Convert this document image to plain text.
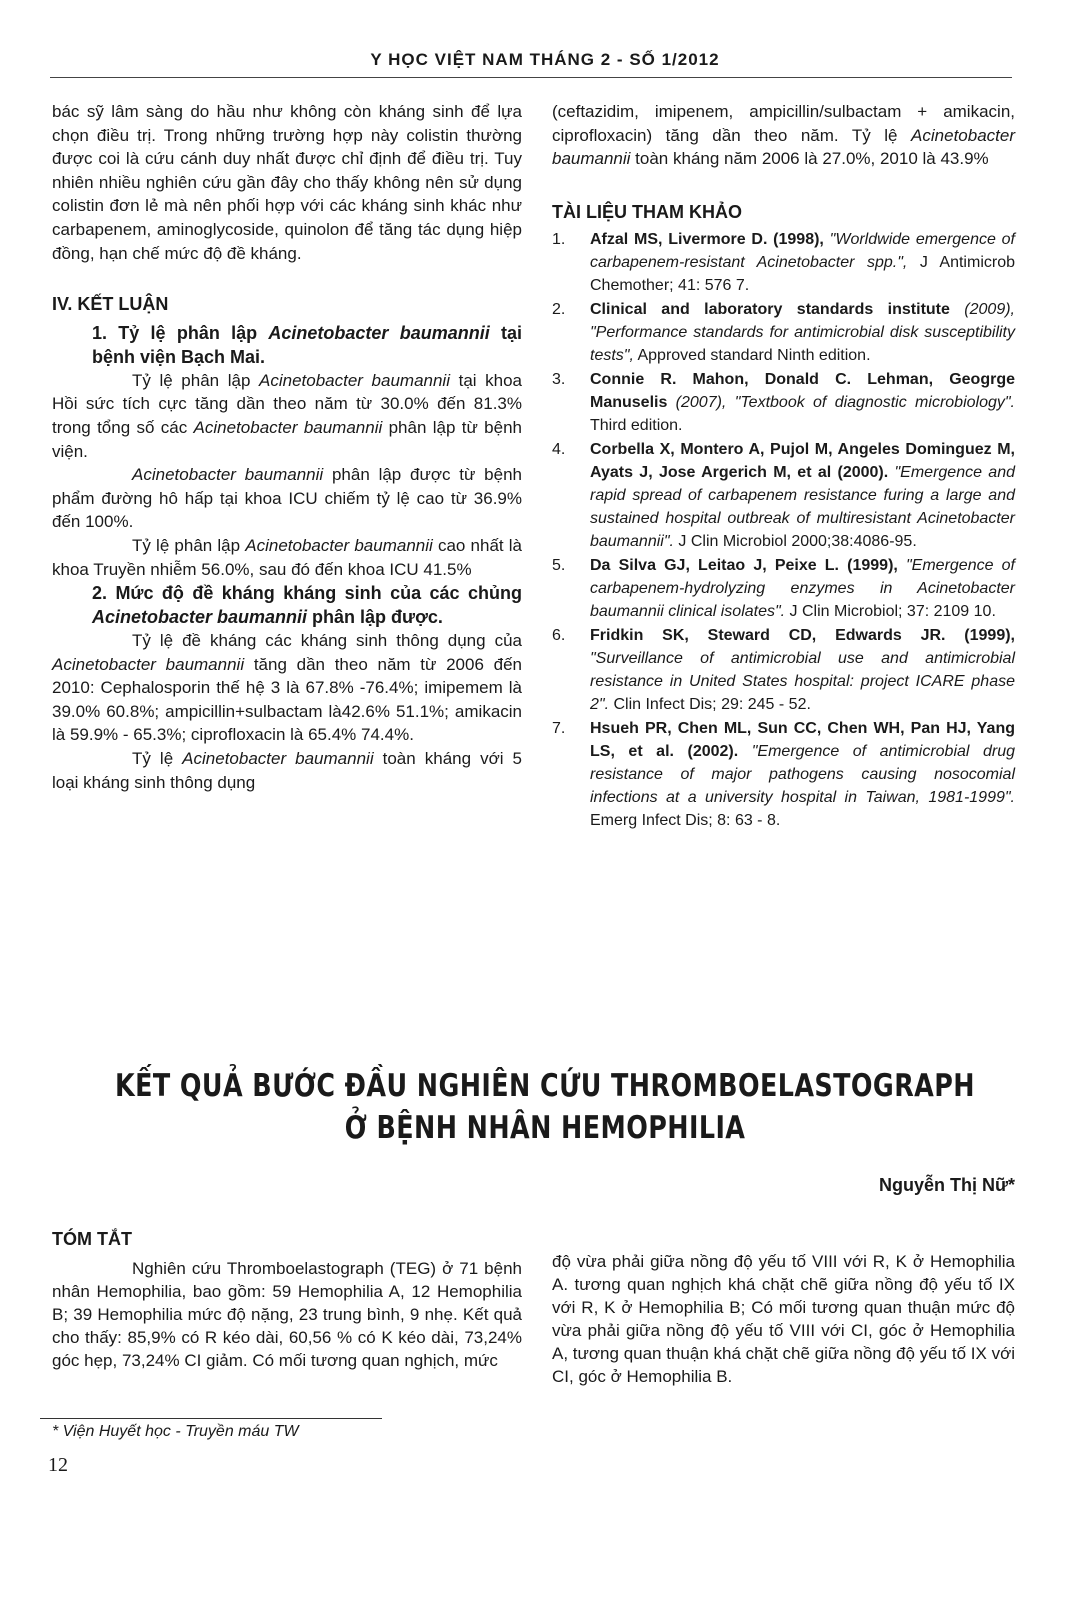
Y HỌC VIỆT NAM THÁNG 2 - SỐ 1/2012

bác sỹ lâm sàng do hầu như không còn kháng sinh để lựa chọn điều trị. Trong những trường hợp này colistin thường được coi là cứu cánh duy nhất được chỉ định để điều trị. Tuy nhiên nhiều nghiên cứu gần đây cho thấy không nên sử dụng colistin đơn lẻ mà nên phối hợp với các kháng sinh khác như carbapenem, aminoglycoside, quinolon để tăng tác dụng hiệp đồng, hạn chế mức độ đề kháng.

IV. KẾT LUẬN
1. Tỷ lệ phân lập Acinetobacter baumannii tại bệnh viện Bạch Mai.

Tỷ lệ phân lập Acinetobacter baumannii tại khoa Hồi sức tích cực tăng dần theo năm từ 30.0% đến 81.3% trong tổng số các Acinetobacter baumannii phân lập từ bệnh viện.

Acinetobacter baumannii phân lập được từ bệnh phẩm đường hô hấp tại khoa ICU chiếm tỷ lệ cao từ 36.9% đến 100%.

Tỷ lệ phân lập Acinetobacter baumannii cao nhất là khoa Truyền nhiễm 56.0%, sau đó đến khoa ICU 41.5%

2. Mức độ đề kháng kháng sinh của các chủng Acinetobacter baumannii phân lập được.

Tỷ lệ đề kháng các kháng sinh thông dụng của Acinetobacter baumannii tăng dần theo năm từ 2006 đến 2010: Cephalosporin thế hệ 3 là 67.8% -76.4%; imipemem là 39.0% 60.8%; ampicillin+sulbactam là42.6% 51.1%; amikacin là 59.9% - 65.3%; ciprofloxacin là 65.4% 74.4%.

Tỷ lệ Acinetobacter baumannii toàn kháng với 5 loại kháng sinh thông dụng

(ceftazidim, imipenem, ampicillin/sulbactam + amikacin, ciprofloxacin) tăng dần theo năm. Tỷ lệ Acinetobacter baumannii toàn kháng năm 2006 là 27.0%, 2010 là 43.9%

TÀI LIỆU THAM KHẢO
1.	Afzal MS, Livermore D. (1998), "Worldwide emergence of carbapenem-resistant Acinetobacter spp.", J Antimicrob Chemother; 41: 576 7.
2.	Clinical and laboratory standards institute (2009), "Performance standards for antimicrobial disk susceptibility tests", Approved standard Ninth edition.
3.	Connie R. Mahon, Donald C. Lehman, Geogrge Manuselis (2007), "Textbook of diagnostic microbiology". Third edition.
4.	Corbella X, Montero A, Pujol M, Angeles Dominguez M, Ayats J, Jose Argerich M, et al (2000). "Emergence and rapid spread of carbapenem resistance furing a large and sustained hospital outbreak of multiresistant Acinetobacter baumannii". J Clin Microbiol 2000;38:4086-95.
5.	Da Silva GJ, Leitao J, Peixe L. (1999), "Emergence of carbapenem-hydrolyzing enzymes in Acinetobacter baumannii clinical isolates". J Clin Microbiol; 37: 2109 10.
6.	Fridkin SK, Steward CD, Edwards JR. (1999), "Surveillance of antimicrobial use and antimicrobial resistance in United States hospital: project ICARE phase 2". Clin Infect Dis; 29: 245 - 52.
7.	Hsueh PR, Chen ML, Sun CC, Chen WH, Pan HJ, Yang LS, et al. (2002). "Emergence of antimicrobial drug resistance of major pathogens causing nosocomial infections at a university hospital in Taiwan, 1981-1999". Emerg Infect Dis; 8: 63 - 8.
KẾT QUẢ BƯỚC ĐẦU NGHIÊN CỨU THROMBOELASTOGRAPH
Ở BỆNH NHÂN HEMOPHILIA
Nguyễn Thị Nữ*
TÓM TẮT

Nghiên cứu Thromboelastograph (TEG) ở 71 bệnh nhân Hemophilia, bao gồm: 59 Hemophilia A, 12 Hemophilia B; 39 Hemophilia mức độ nặng, 23 trung bình, 9 nhẹ. Kết quả cho thấy: 85,9% có R kéo dài, 60,56 % có K kéo dài, 73,24% góc hẹp, 73,24% CI giảm. Có mối tương quan nghịch, mức

độ vừa phải giữa nồng độ yếu tố VIII với R, K ở Hemophilia A. tương quan nghịch khá chặt chẽ giữa nồng độ yếu tố IX với R, K ở Hemophilia B; Có mối tương quan thuận mức độ vừa phải giữa nồng độ yếu tố VIII với CI, góc ở Hemophilia A, tương quan thuận khá chặt chẽ giữa nồng độ yếu tố IX với CI, góc ở Hemophilia B.

* Viện Huyết học - Truyền máu TW
12
